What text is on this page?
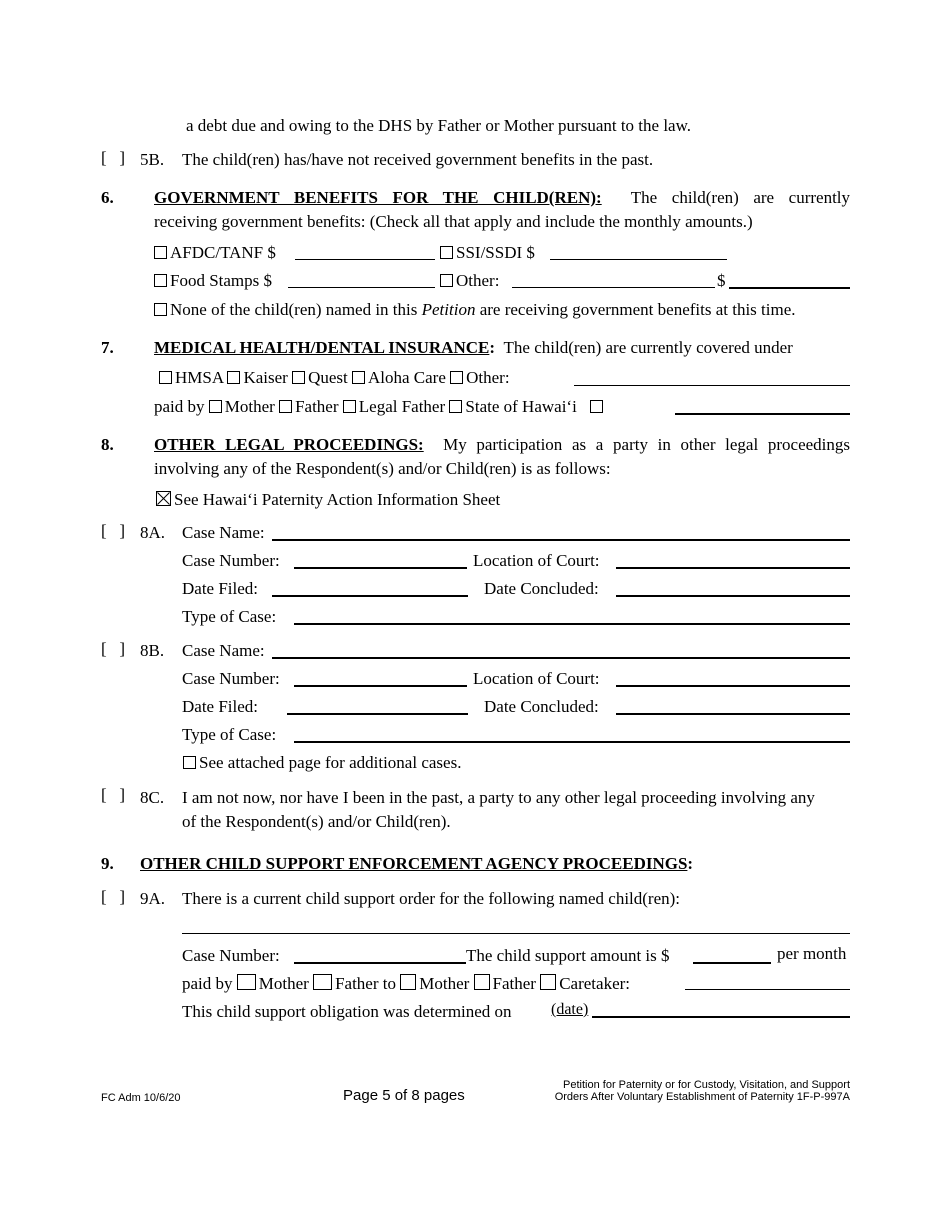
a debt due and owing to the DHS by Father or Mother pursuant to the law.
[ ] 5B. The child(ren) has/have not received government benefits in the past.
6. GOVERNMENT BENEFITS FOR THE CHILD(REN): The child(ren) are currently
receiving government benefits: (Check all that apply and include the monthly amounts.)
AFDC/TANF $	SSI/SSDI $
Food Stamps $	Other:	$
None of the child(ren) named in this Petition are receiving government benefits at this time.
7. MEDICAL HEALTH/DENTAL INSURANCE: The child(ren) are currently covered under
HMSA Kaiser Quest Aloha Care Other:
paid by Mother Father Legal Father State of Hawai‘i
8. OTHER LEGAL PROCEEDINGS: My participation as a party in other legal proceedings
involving any of the Respondent(s) and/or Child(ren) is as follows:
See Hawai‘i Paternity Action Information Sheet
[ ] 8A. Case Name:
Case Number:	Location of Court:
Date Filed:	Date Concluded:
Type of Case:
[ ] 8B. Case Name:
Case Number:	Location of Court:
Date Filed:	Date Concluded:
Type of Case:
See attached page for additional cases.
[ ] 8C. I am not now, nor have I been in the past, a party to any other legal proceeding involving any
of the Respondent(s) and/or Child(ren).
9. OTHER CHILD SUPPORT ENFORCEMENT AGENCY PROCEEDINGS:
[ ] 9A. There is a current child support order for the following named child(ren):
Case Number:	The child support amount is $	per month
paid by Mother Father to Mother Father Caretaker:
This child support obligation was determined on (date)
FC Adm 10/6/20	Page 5 of 8 pages
Petition for Paternity or for Custody, Visitation, and Support
Orders After Voluntary Establishment of Paternity 1F-P-997A
